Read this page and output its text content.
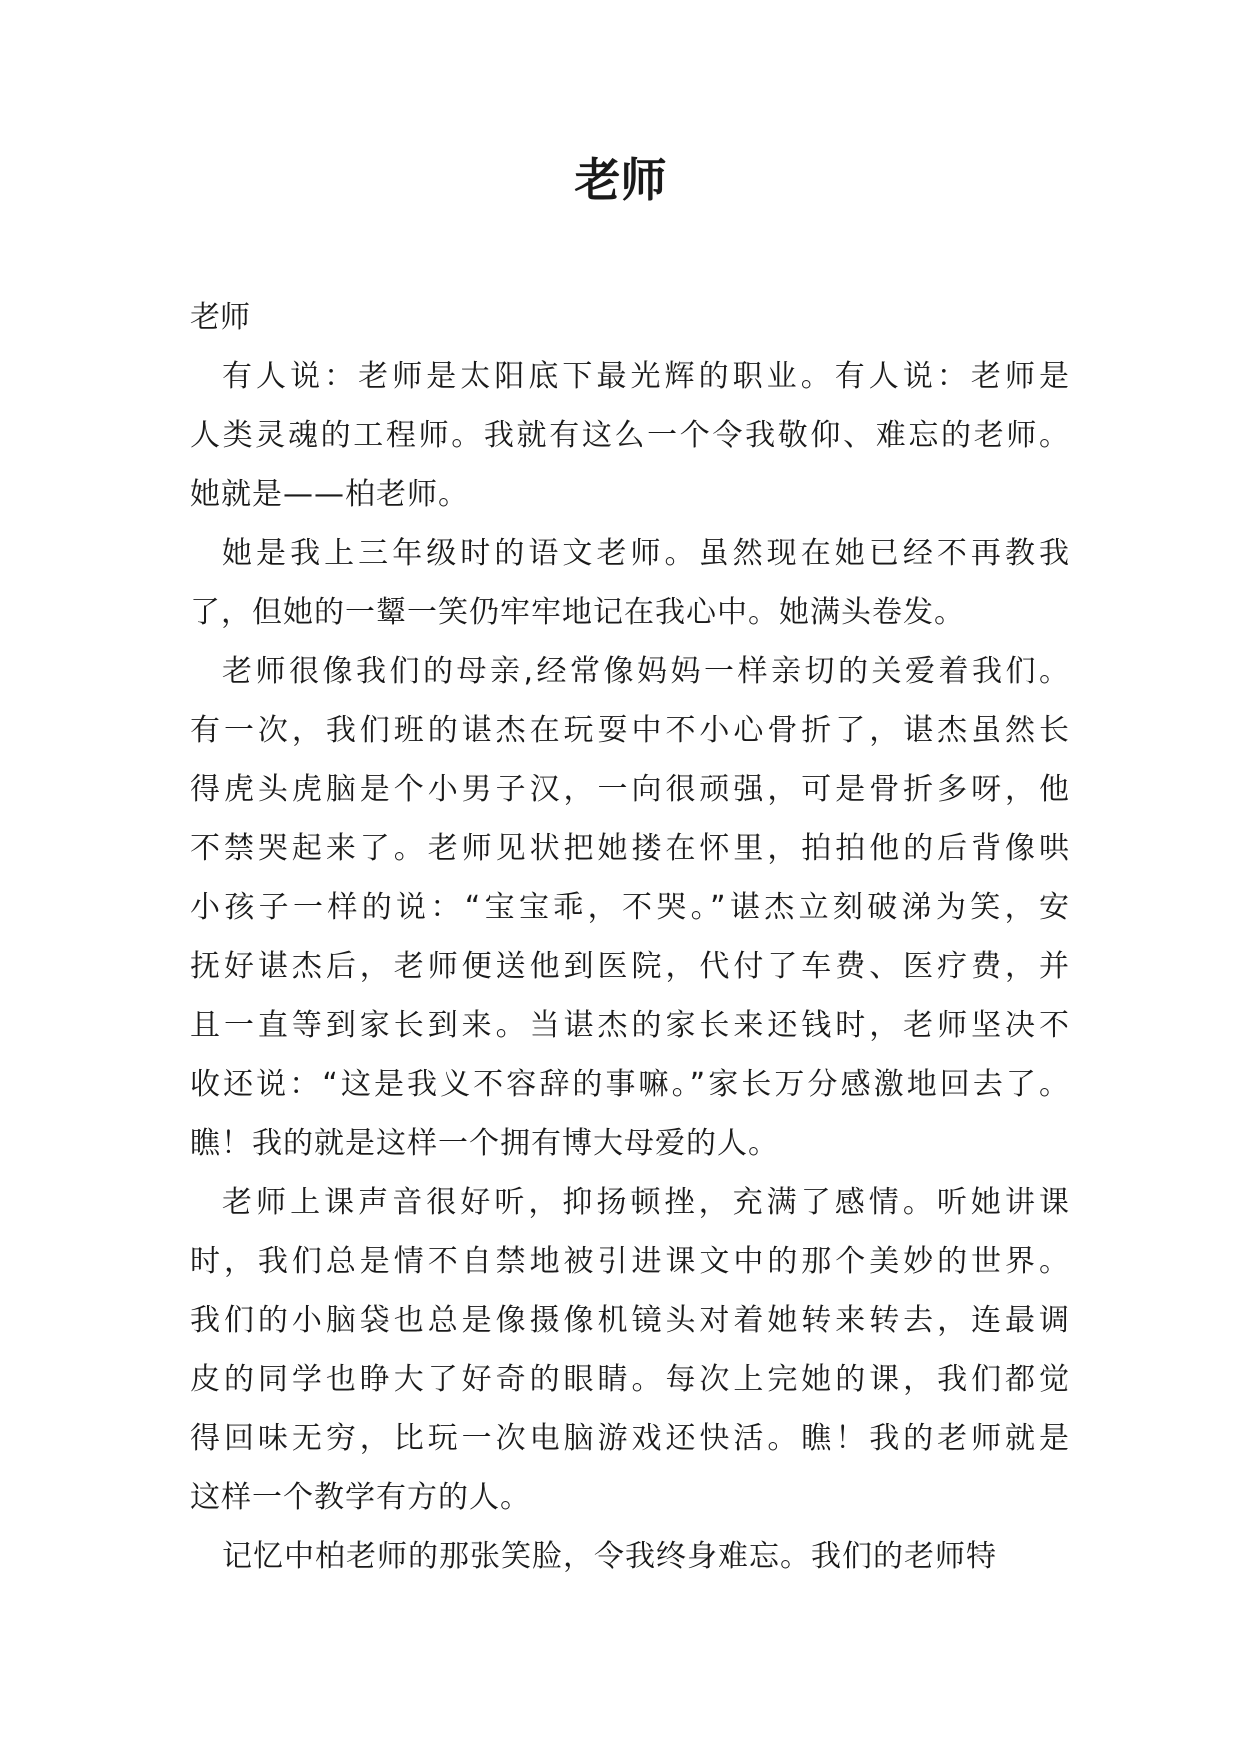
老师

老师

有人说：老师是太阳底下最光辉的职业。有人说：老师是
人类灵魂的工程师。我就有这么一个令我敬仰、难忘的老师。
她就是——柏老师。

她是我上三年级时的语文老师。虽然现在她已经不再教我
了，但她的一颦一笑仍牢牢地记在我心中。她满头卷发。

老师很像我们的母亲,经常像妈妈一样亲切的关爱着我们。
有一次，我们班的谌杰在玩耍中不小心骨折了，谌杰虽然长
得虎头虎脑是个小男子汉，一向很顽强，可是骨折多呀，他
不禁哭起来了。老师见状把她搂在怀里，拍拍他的后背像哄
小孩子一样的说：“宝宝乖，不哭。”谌杰立刻破涕为笑，安
抚好谌杰后，老师便送他到医院，代付了车费、医疗费，并
且一直等到家长到来。当谌杰的家长来还钱时，老师坚决不
收还说：“这是我义不容辞的事嘛。”家长万分感激地回去了。
瞧！我的就是这样一个拥有博大母爱的人。

老师上课声音很好听，抑扬顿挫，充满了感情。听她讲课
时，我们总是情不自禁地被引进课文中的那个美妙的世界。
我们的小脑袋也总是像摄像机镜头对着她转来转去，连最调
皮的同学也睁大了好奇的眼睛。每次上完她的课，我们都觉
得回味无穷，比玩一次电脑游戏还快活。瞧！我的老师就是
这样一个教学有方的人。

记忆中柏老师的那张笑脸，令我终身难忘。我们的老师特
